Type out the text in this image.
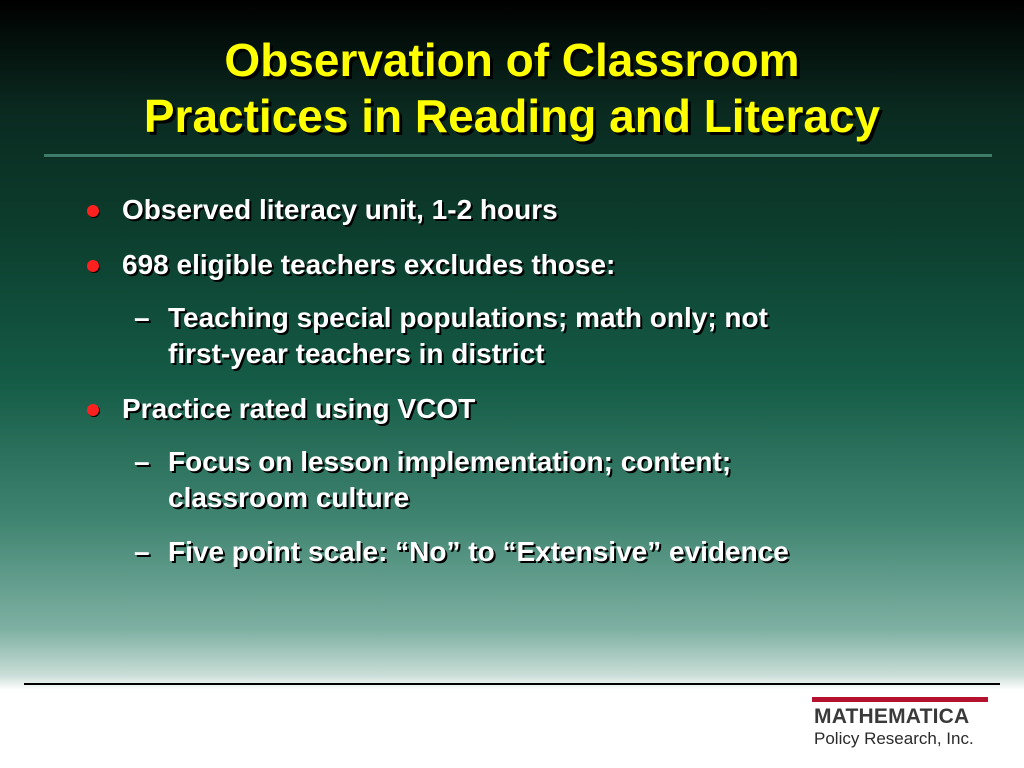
Observation of Classroom
Practices in Reading and Literacy
Observed literacy unit, 1-2 hours
698 eligible teachers excludes those:
– Teaching special populations; math only; not
first-year teachers in district
Practice rated using VCOT
– Focus on lesson implementation; content;
classroom culture
– Five point scale: “No” to “Extensive” evidence
MATHEMATICA
Policy Research, Inc.
